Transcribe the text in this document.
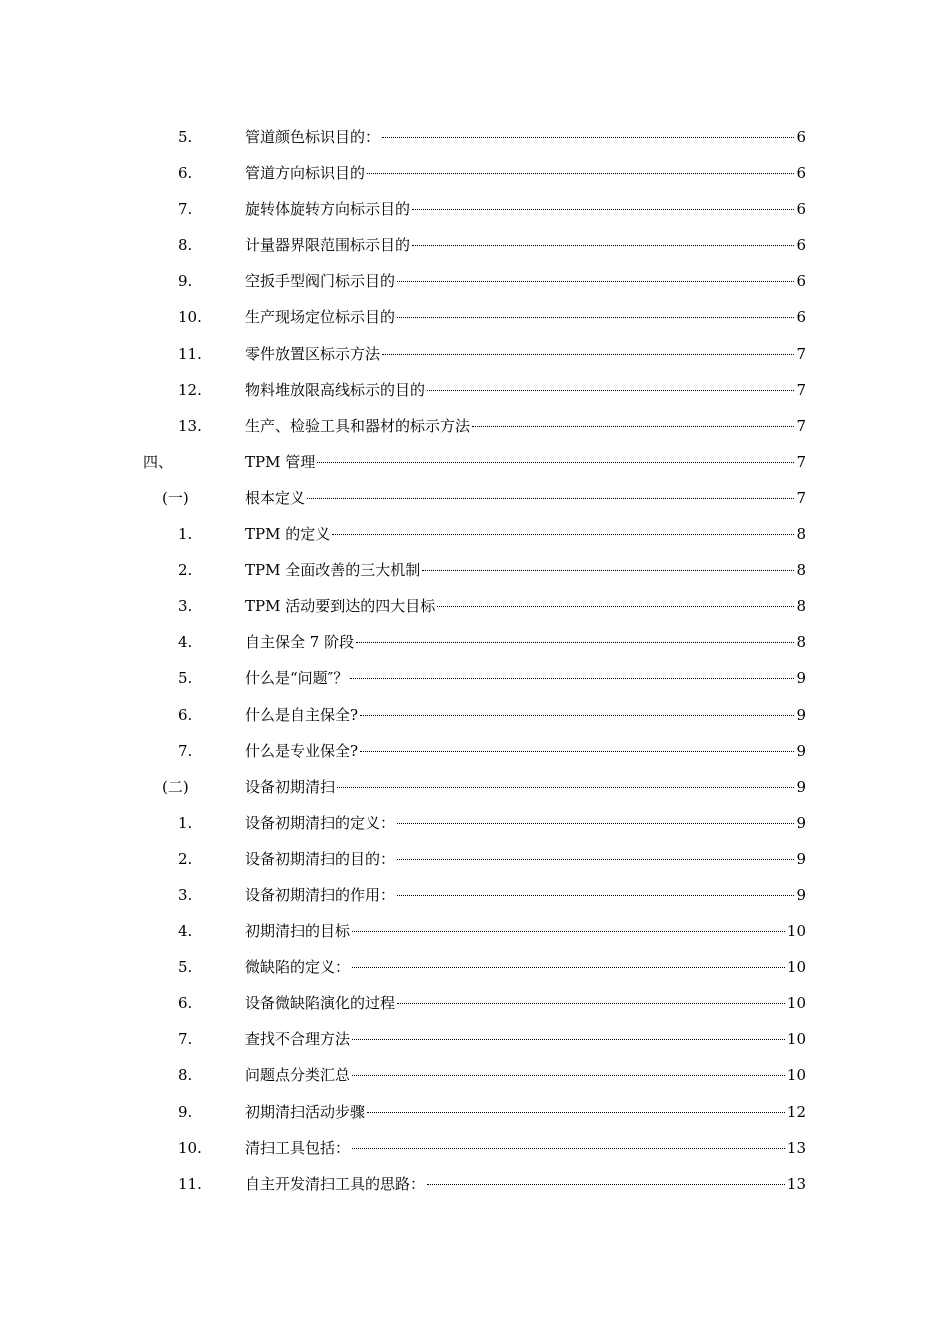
5.	管道颜色标识目的：	6
6.	管道方向标识目的	6
7.	旋转体旋转方向标示目的	6
8.	计量器界限范围标示目的	6
9.	空扳手型阀门标示目的	6
10.	生产现场定位标示目的	6
11.	零件放置区标示方法	7
12.	物料堆放限高线标示的目的	7
13.	生产、检验工具和器材的标示方法	7
四、	TPM 管理	7
(一)	根本定义	7
1.	TPM 的定义	8
2.	TPM 全面改善的三大机制	8
3.	TPM 活动要到达的四大目标	8
4.	自主保全 7 阶段	8
5.	什么是“问题″？	9
6.	什么是自主保全?	9
7.	什么是专业保全?	9
(二)	设备初期清扫	9
1.	设备初期清扫的定义：	9
2.	设备初期清扫的目的：	9
3.	设备初期清扫的作用：	9
4.	初期清扫的目标	10
5.	微缺陷的定义：	10
6.	设备微缺陷演化的过程	10
7.	查找不合理方法	10
8.	问题点分类汇总	10
9.	初期清扫活动步骤	12
10.	清扫工具包括：	13
11.	自主开发清扫工具的思路：	13
